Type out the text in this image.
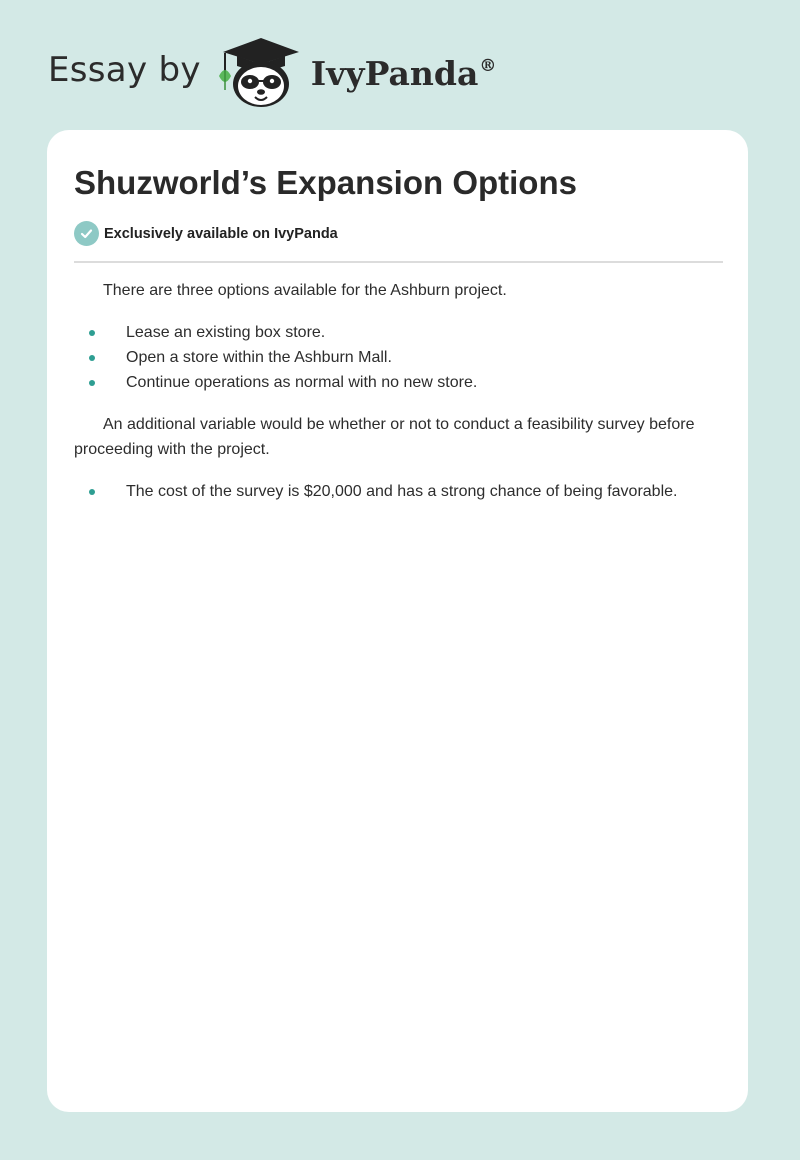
Essay by	IvyPanda®
Shuzworld’s Expansion Options
Exclusively available on IvyPanda

There are three options available for the Ashburn project.

Lease an existing box store.
Open a store within the Ashburn Mall.
Continue operations as normal with no new store.

An additional variable would be whether or not to conduct a feasibility survey before proceeding with the project.

The cost of the survey is $20,000 and has a strong chance of being favorable.
